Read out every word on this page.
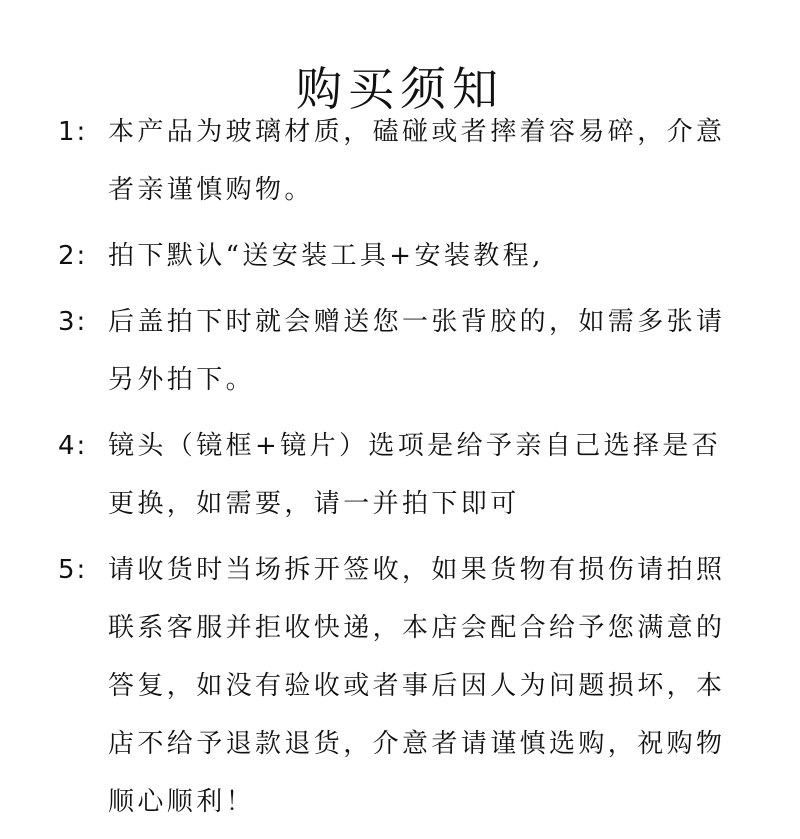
购买须知
1: 本产品为玻璃材质，磕碰或者摔着容易碎，介意者亲谨慎购物。
2: 拍下默认“送安装工具+安装教程,
3: 后盖拍下时就会赠送您一张背胶的，如需多张请另外拍下。
4: 镜头（镜框+镜片）选项是给予亲自己选择是否更换，如需要，请一并拍下即可
5: 请收货时当场拆开签收，如果货物有损伤请拍照联系客服并拒收快递，本店会配合给予您满意的答复，如没有验收或者事后因人为问题损坏，本店不给予退款退货，介意者请谨慎选购，祝购物顺心顺利！
